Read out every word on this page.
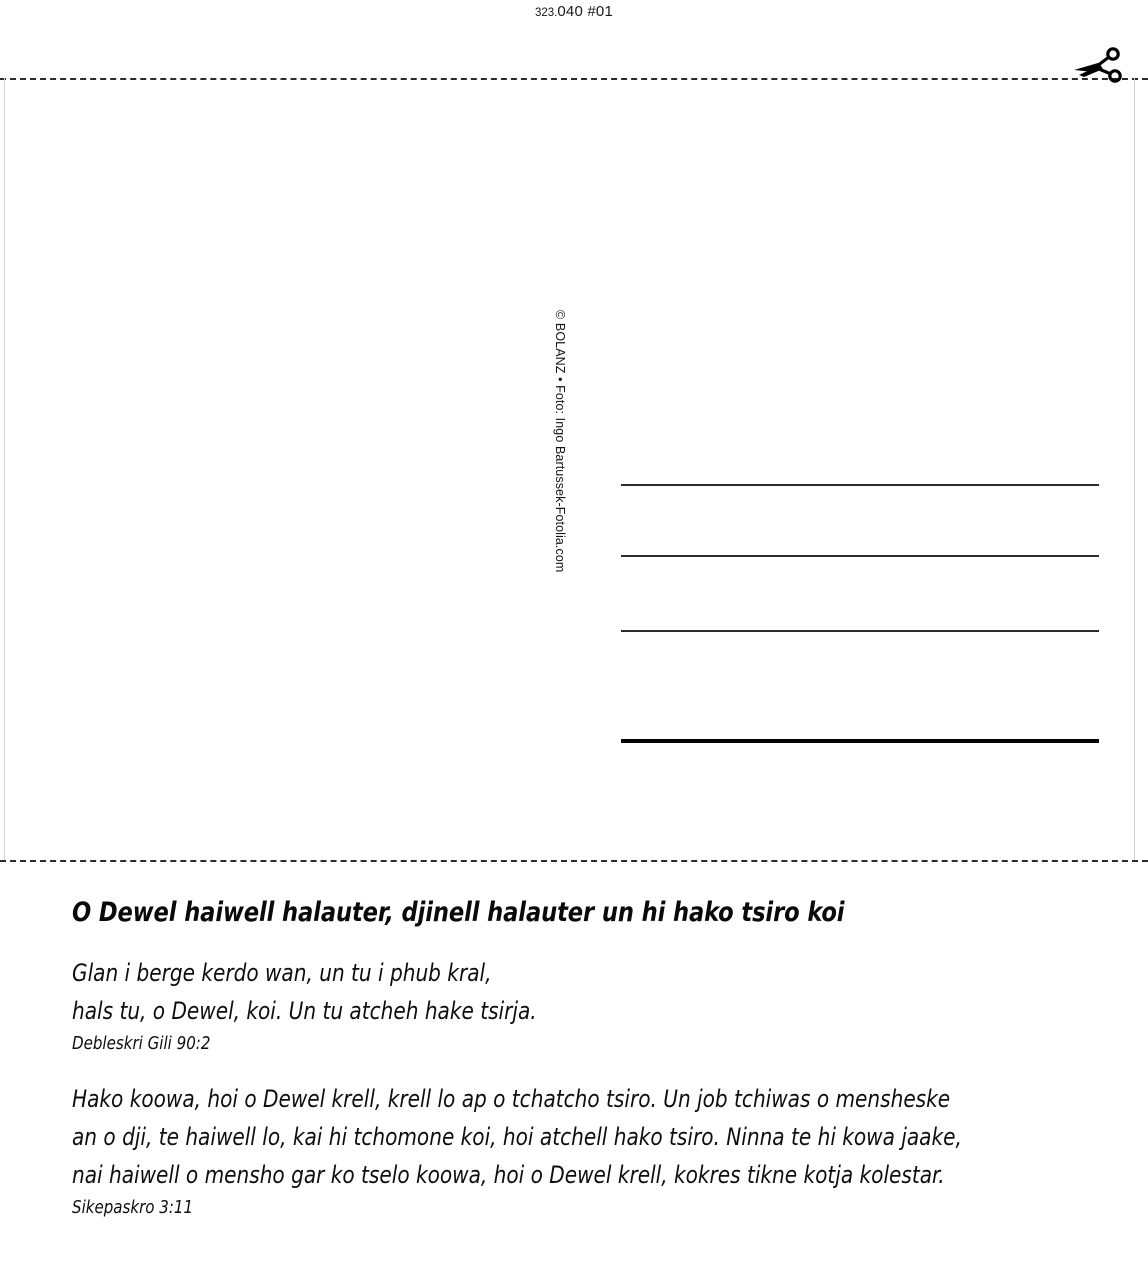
323.040 #01
© BOLANZ • Foto: Ingo Bartussek-Fotolia.com
O Dewel haiwell halauter, djinell halauter un hi hako tsiro koi

Glan i berge kerdo wan, un tu i phub kral,

hals tu, o Dewel, koi. Un tu atcheh hake tsirja.

Debleskri Gili 90:2

Hako koowa, hoi o Dewel krell, krell lo ap o tchatcho tsiro. Un job tchiwas o mensheske

an o dji, te haiwell lo, kai hi tchomone koi, hoi atchell hako tsiro. Ninna te hi kowa jaake,

nai haiwell o mensho gar ko tselo koowa, hoi o Dewel krell, kokres tikne kotja kolestar.

Sikepaskro 3:11
